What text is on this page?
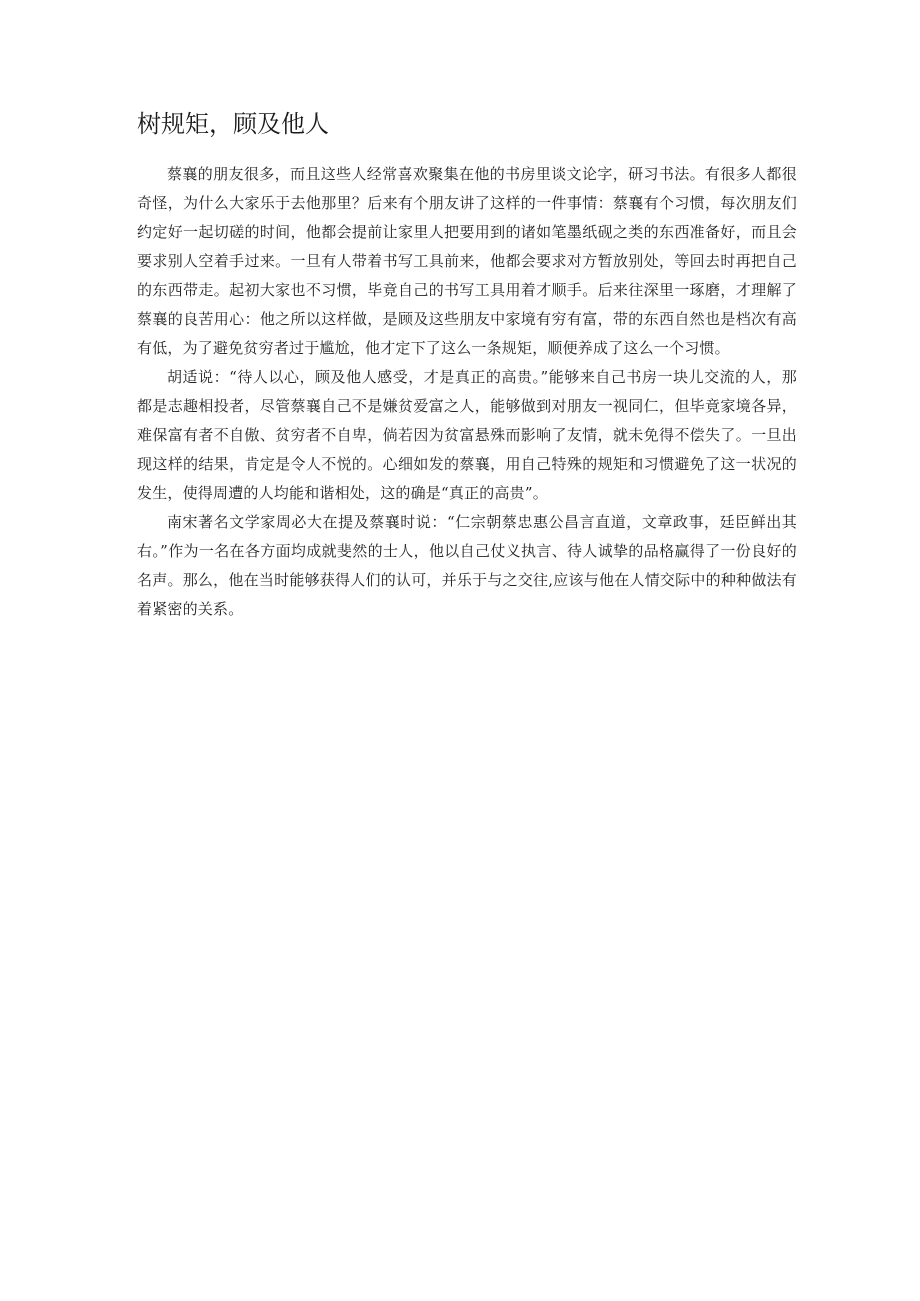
树规矩，顾及他人

蔡襄的朋友很多，而且这些人经常喜欢聚集在他的书房里谈文论字，研习书法。有很多人都很奇怪，为什么大家乐于去他那里？后来有个朋友讲了这样的一件事情：蔡襄有个习惯，每次朋友们约定好一起切磋的时间，他都会提前让家里人把要用到的诸如笔墨纸砚之类的东西准备好，而且会要求别人空着手过来。一旦有人带着书写工具前来，他都会要求对方暂放别处，等回去时再把自己的东西带走。起初大家也不习惯，毕竟自己的书写工具用着才顺手。后来往深里一琢磨，才理解了蔡襄的良苦用心：他之所以这样做，是顾及这些朋友中家境有穷有富，带的东西自然也是档次有高有低，为了避免贫穷者过于尴尬，他才定下了这么一条规矩，顺便养成了这么一个习惯。

胡适说：“待人以心，顾及他人感受，才是真正的高贵。”能够来自己书房一块儿交流的人，那都是志趣相投者，尽管蔡襄自己不是嫌贫爱富之人，能够做到对朋友一视同仁，但毕竟家境各异，难保富有者不自傲、贫穷者不自卑，倘若因为贫富悬殊而影响了友情，就未免得不偿失了。一旦出现这样的结果，肯定是令人不悦的。心细如发的蔡襄，用自己特殊的规矩和习惯避免了这一状况的发生，使得周遭的人均能和谐相处，这的确是“真正的高贵”。

南宋著名文学家周必大在提及蔡襄时说：“仁宗朝蔡忠惠公昌言直道，文章政事，廷臣鲜出其右。”作为一名在各方面均成就斐然的士人，他以自己仗义执言、待人诚挚的品格赢得了一份良好的名声。那么，他在当时能够获得人们的认可，并乐于与之交往,应该与他在人情交际中的种种做法有着紧密的关系。
